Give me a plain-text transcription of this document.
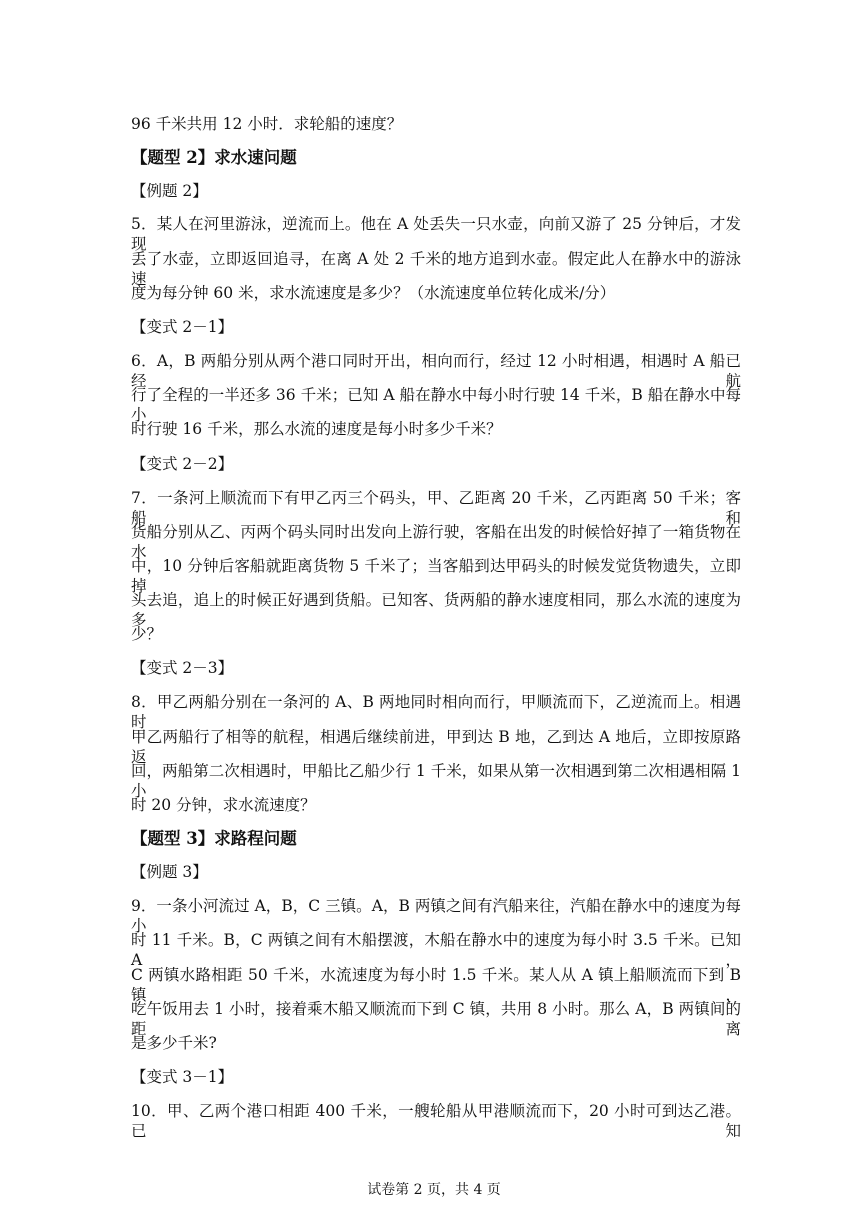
96 千米共用 12 小时．求轮船的速度？
【题型 2】求水速问题
【例题 2】
5．某人在河里游泳，逆流而上。他在 A 处丢失一只水壶，向前又游了 25 分钟后，才发现
丢了水壶，立即返回追寻，在离 A 处 2 千米的地方追到水壶。假定此人在静水中的游泳速
度为每分钟 60 米，求水流速度是多少？（水流速度单位转化成米/分）
【变式 2－1】
6．A，B 两船分别从两个港口同时开出，相向而行，经过 12 小时相遇，相遇时 A 船已经航
行了全程的一半还多 36 千米；已知 A 船在静水中每小时行驶 14 千米，B 船在静水中每小
时行驶 16 千米，那么水流的速度是每小时多少千米？
【变式 2－2】
7．一条河上顺流而下有甲乙丙三个码头，甲、乙距离 20 千米，乙丙距离 50 千米；客船和
货船分别从乙、丙两个码头同时出发向上游行驶，客船在出发的时候恰好掉了一箱货物在水
中，10 分钟后客船就距离货物 5 千米了；当客船到达甲码头的时候发觉货物遗失，立即掉
头去追，追上的时候正好遇到货船。已知客、货两船的静水速度相同，那么水流的速度为多
少？
【变式 2－3】
8．甲乙两船分别在一条河的 A、B 两地同时相向而行，甲顺流而下，乙逆流而上。相遇时
甲乙两船行了相等的航程，相遇后继续前进，甲到达 B 地，乙到达 A 地后，立即按原路返
回，两船第二次相遇时，甲船比乙船少行 1 千米，如果从第一次相遇到第二次相遇相隔 1 小
时 20 分钟，求水流速度？
【题型 3】求路程问题
【例题 3】
9．一条小河流过 A，B，C 三镇。A，B 两镇之间有汽船来往，汽船在静水中的速度为每小
时 11 千米。B，C 两镇之间有木船摆渡，木船在静水中的速度为每小时 3.5 千米。已知 A，
C 两镇水路相距 50 千米，水流速度为每小时 1.5 千米。某人从 A 镇上船顺流而下到 B 镇，
吃午饭用去 1 小时，接着乘木船又顺流而下到 C 镇，共用 8 小时。那么 A，B 两镇间的距离
是多少千米?
【变式 3－1】
10．甲、乙两个港口相距 400 千米，一艘轮船从甲港顺流而下，20 小时可到达乙港。已知
试卷第 2 页，共 4 页
